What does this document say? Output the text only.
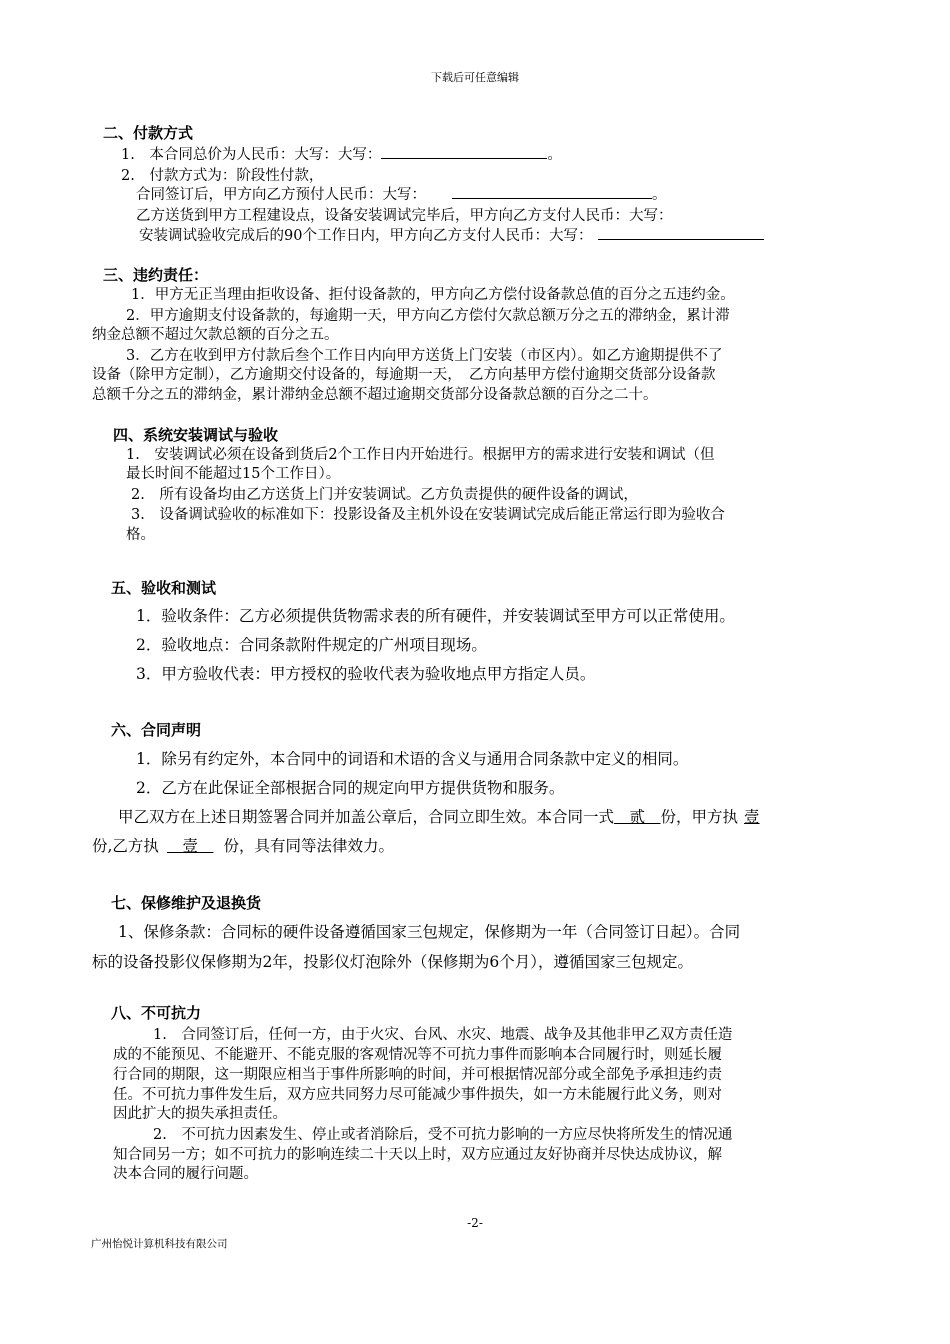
下载后可任意编辑
二、付款方式
1.　本合同总价为人民币：大写：大写：	。
2.　付款方式为：阶段性付款，
合同签订后，甲方向乙方预付人民币：大写：	。
乙方送货到甲方工程建设点，设备安装调试完毕后，甲方向乙方支付人民币：大写：
安装调试验收完成后的90个工作日内，甲方向乙方支付人民币：大写：
三、违约责任：
1．甲方无正当理由拒收设备、拒付设备款的，甲方向乙方偿付设备款总值的百分之五违约金。
2．甲方逾期支付设备款的，每逾期一天，甲方向乙方偿付欠款总额万分之五的滞纳金，累计滞
纳金总额不超过欠款总额的百分之五。
3．乙方在收到甲方付款后叁个工作日内向甲方送货上门安装（市区内）。如乙方逾期提供不了
设备（除甲方定制），乙方逾期交付设备的，每逾期一天，　乙方向基甲方偿付逾期交货部分设备款
总额千分之五的滞纳金，累计滞纳金总额不超过逾期交货部分设备款总额的百分之二十。
四、系统安装调试与验收
1.　安装调试必须在设备到货后2个工作日内开始进行。根据甲方的需求进行安装和调试（但
最长时间不能超过15个工作日）。
2.　所有设备均由乙方送货上门并安装调试。乙方负责提供的硬件设备的调试，
3.　设备调试验收的标准如下：投影设备及主机外设在安装调试完成后能正常运行即为验收合
格。
五、验收和测试
1．验收条件：乙方必须提供货物需求表的所有硬件，并安装调试至甲方可以正常使用。
2．验收地点：合同条款附件规定的广州项目现场。
3．甲方验收代表：甲方授权的验收代表为验收地点甲方指定人员。
六、合同声明
1．除另有约定外，本合同中的词语和术语的含义与通用合同条款中定义的相同。
2．乙方在此保证全部根据合同的规定向甲方提供货物和服务。
甲乙双方在上述日期签署合同并加盖公章后，合同立即生效。本合同一式　贰　份，甲方执 壹
份,乙方执　壹　份，具有同等法律效力。
七、保修维护及退换货
1、保修条款：合同标的硬件设备遵循国家三包规定，保修期为一年（合同签订日起）。合同
标的设备投影仪保修期为2年，投影仪灯泡除外（保修期为6个月），遵循国家三包规定。
八、不可抗力
1.　合同签订后，任何一方，由于火灾、台风、水灾、地震、战争及其他非甲乙双方责任造
成的不能预见、不能避开、不能克服的客观情况等不可抗力事件而影响本合同履行时，则延长履
行合同的期限，这一期限应相当于事件所影响的时间，并可根据情况部分或全部免予承担违约责
任。不可抗力事件发生后，双方应共同努力尽可能减少事件损失，如一方未能履行此义务，则对
因此扩大的损失承担责任。
2.　不可抗力因素发生、停止或者消除后，受不可抗力影响的一方应尽快将所发生的情况通
知合同另一方；如不可抗力的影响连续二十天以上时，双方应通过友好协商并尽快达成协议，解
决本合同的履行问题。
-2-
广州怡悦计算机科技有限公司
